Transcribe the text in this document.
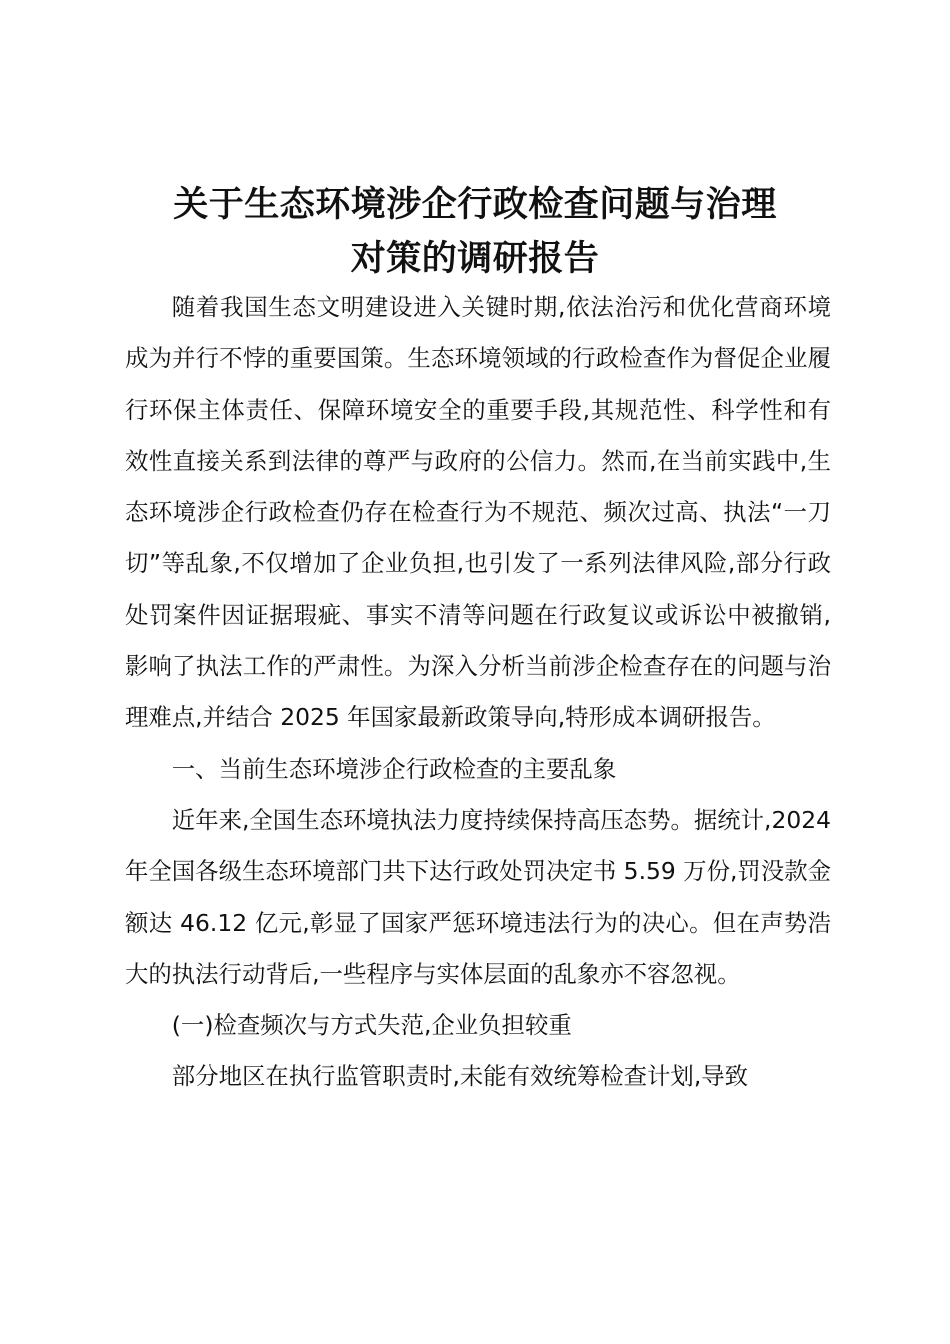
关于生态环境涉企行政检查问题与治理
对策的调研报告

随着我国生态文明建设进入关键时期,依法治污和优化营商环境成为并行不悖的重要国策。生态环境领域的行政检查作为督促企业履行环保主体责任、保障环境安全的重要手段,其规范性、科学性和有效性直接关系到法律的尊严与政府的公信力。然而,在当前实践中,生态环境涉企行政检查仍存在检查行为不规范、频次过高、执法“一刀切”等乱象,不仅增加了企业负担,也引发了一系列法律风险,部分行政处罚案件因证据瑕疵、事实不清等问题在行政复议或诉讼中被撤销,影响了执法工作的严肃性。为深入分析当前涉企检查存在的问题与治理难点,并结合 2025 年国家最新政策导向,特形成本调研报告。

一、当前生态环境涉企行政检查的主要乱象

近年来,全国生态环境执法力度持续保持高压态势。据统计,2024 年全国各级生态环境部门共下达行政处罚决定书 5.59 万份,罚没款金额达 46.12 亿元,彰显了国家严惩环境违法行为的决心。但在声势浩大的执法行动背后,一些程序与实体层面的乱象亦不容忽视。

(一)检查频次与方式失范,企业负担较重

部分地区在执行监管职责时,未能有效统筹检查计划,导致
